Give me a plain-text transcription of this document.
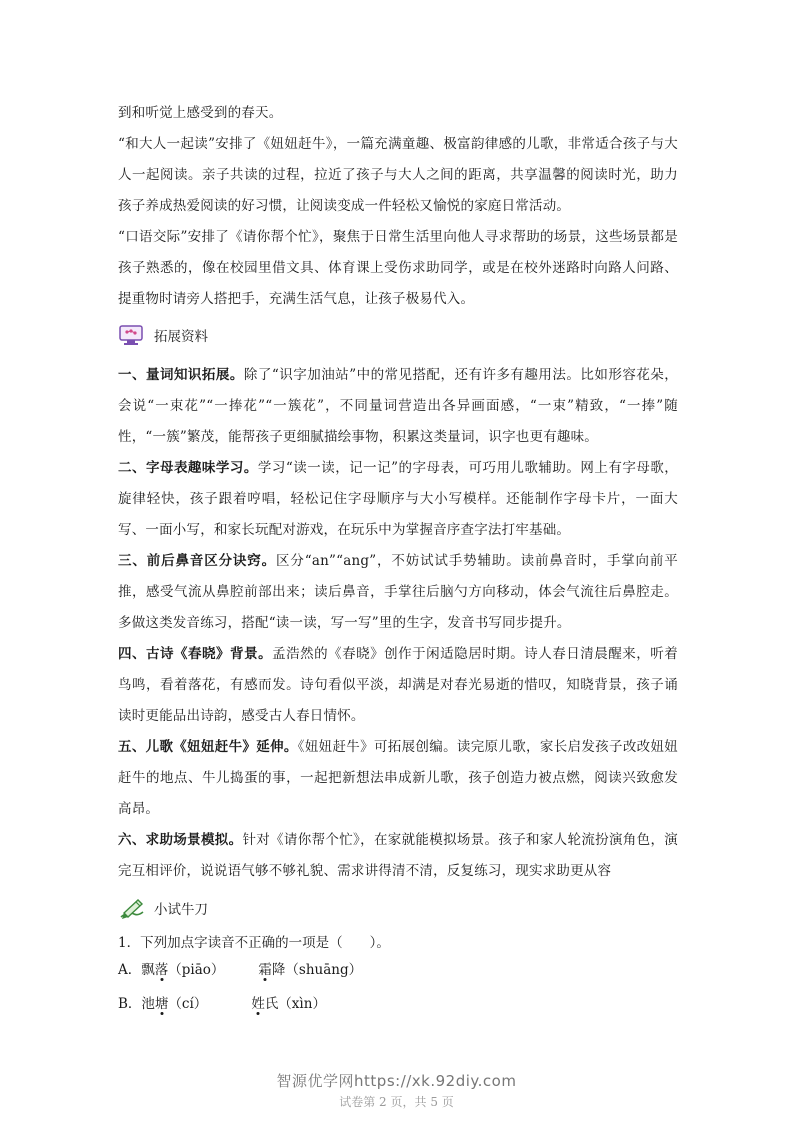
到和听觉上感受到的春天。

“和大人一起读”安排了《妞妞赶牛》，一篇充满童趣、极富韵律感的儿歌，非常适合孩子与大人一起阅读。亲子共读的过程，拉近了孩子与大人之间的距离，共享温馨的阅读时光，助力孩子养成热爱阅读的好习惯，让阅读变成一件轻松又愉悦的家庭日常活动。

“口语交际”安排了《请你帮个忙》，聚焦于日常生活里向他人寻求帮助的场景，这些场景都是孩子熟悉的，像在校园里借文具、体育课上受伤求助同学，或是在校外迷路时向路人问路、提重物时请旁人搭把手，充满生活气息，让孩子极易代入。

拓展资料

一、量词知识拓展。除了“识字加油站”中的常见搭配，还有许多有趣用法。比如形容花朵，会说“一束花”“一捧花”“一簇花”，不同量词营造出各异画面感，“一束”精致，“一捧”随性，“一簇”繁茂，能帮孩子更细腻描绘事物，积累这类量词，识字也更有趣味。

二、字母表趣味学习。学习“读一读，记一记”的字母表，可巧用儿歌辅助。网上有字母歌，旋律轻快，孩子跟着哼唱，轻松记住字母顺序与大小写模样。还能制作字母卡片，一面大写、一面小写，和家长玩配对游戏，在玩乐中为掌握音序查字法打牢基础。

三、前后鼻音区分诀窍。区分“an”“ang”，不妨试试手势辅助。读前鼻音时，手掌向前平推，感受气流从鼻腔前部出来；读后鼻音，手掌往后脑勺方向移动，体会气流往后鼻腔走。多做这类发音练习，搭配“读一读，写一写”里的生字，发音书写同步提升。

四、古诗《春晓》背景。孟浩然的《春晓》创作于闲适隐居时期。诗人春日清晨醒来，听着鸟鸣，看着落花，有感而发。诗句看似平淡，却满是对春光易逝的惜叹，知晓背景，孩子诵读时更能品出诗韵，感受古人春日情怀。

五、儿歌《妞妞赶牛》延伸。《妞妞赶牛》可拓展创编。读完原儿歌，家长启发孩子改改妞妞赶牛的地点、牛儿捣蛋的事，一起把新想法串成新儿歌，孩子创造力被点燃，阅读兴致愈发高昂。

六、求助场景模拟。针对《请你帮个忙》，在家就能模拟场景。孩子和家人轮流扮演角色，演完互相评价，说说语气够不够礼貌、需求讲得清不清，反复练习，现实求助更从容

小试牛刀
1．下列加点字读音不正确的一项是（　　）。
A．飘落（piāo）	霜降（shuāng）
B．池塘（cí）	姓氏（xìn）
智源优学网https://xk.92diy.com
试卷第 2 页，共 5 页
